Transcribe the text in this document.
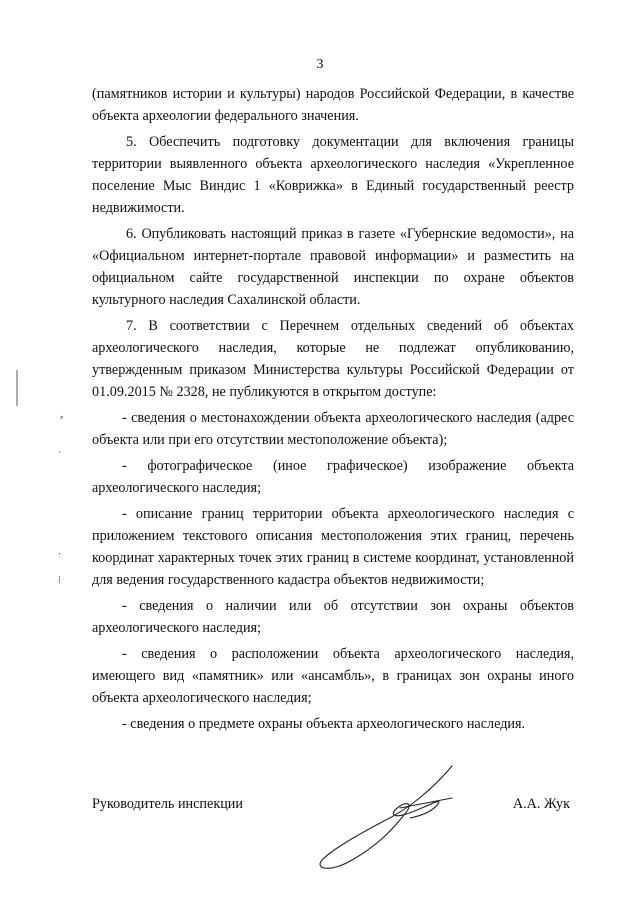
3

(памятников истории и культуры) народов Российской Федерации, в качестве объекта археологии федерального значения.

5. Обеспечить подготовку документации для включения границы территории выявленного объекта археологического наследия «Укрепленное поселение Мыс Виндис 1 «Коврижка» в Единый государственный реестр недвижимости.

6. Опубликовать настоящий приказ в газете «Губернские ведомости», на «Официальном интернет-портале правовой информации» и разместить на официальном сайте государственной инспекции по охране объектов культурного наследия Сахалинской области.

7. В соответствии с Перечнем отдельных сведений об объектах археологического наследия, которые не подлежат опубликованию, утвержденным приказом Министерства культуры Российской Федерации от 01.09.2015 № 2328, не публикуются в открытом доступе:

- сведения о местонахождении объекта археологического наследия (адрес объекта или при его отсутствии местоположение объекта);

- фотографическое (иное графическое) изображение объекта археологического наследия;

- описание границ территории объекта археологического наследия с приложением текстового описания местоположения этих границ, перечень координат характерных точек этих границ в системе координат, установленной для ведения государственного кадастра объектов недвижимости;

- сведения о наличии или об отсутствии зон охраны объектов археологического наследия;

- сведения о расположении объекта археологического наследия, имеющего вид «памятник» или «ансамбль», в границах зон охраны иного объекта археологического наследия;

- сведения о предмете охраны объекта археологического наследия.

Руководитель инспекции	А.А. Жук
⸗
˴
ˏ
⁝
